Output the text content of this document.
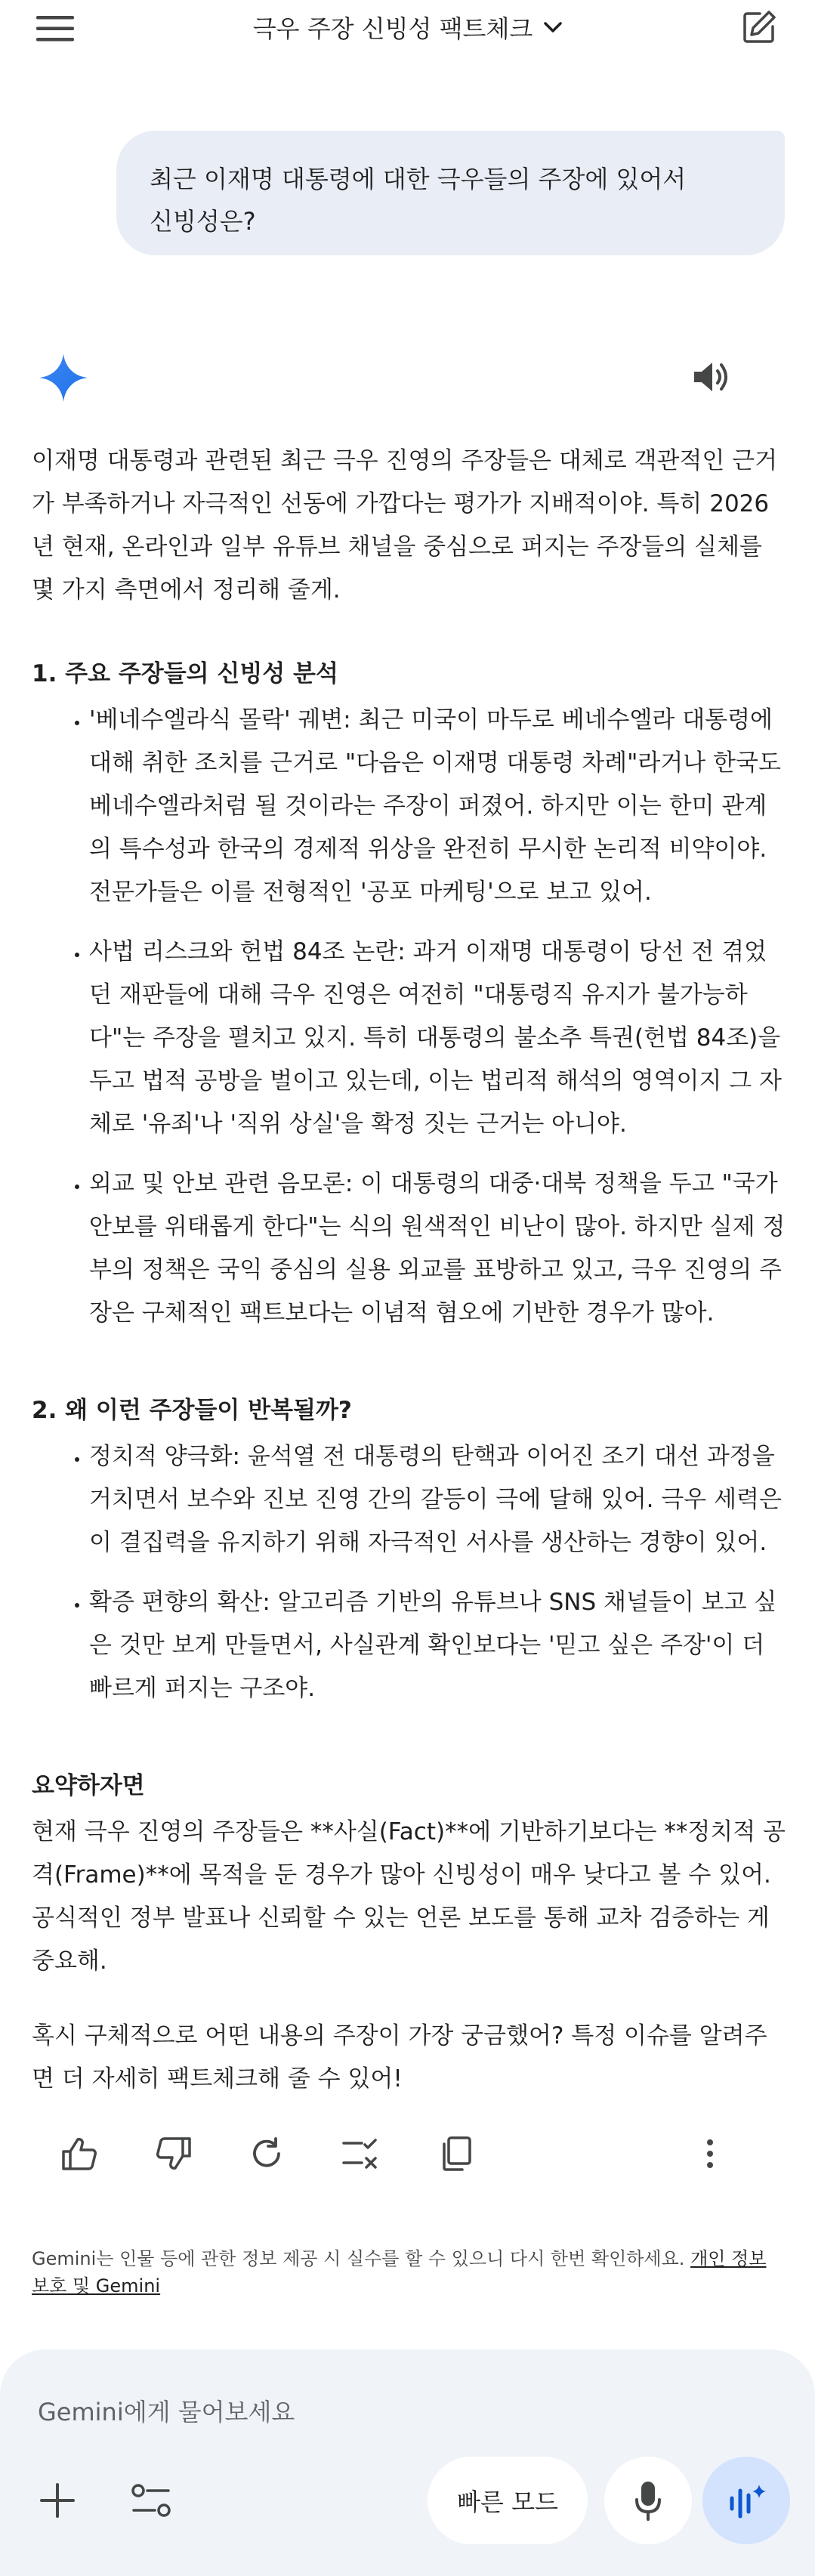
극우 주장 신빙성 팩트체크
최근 이재명 대통령에 대한 극우들의 주장에 있어서
신빙성은?

이재명 대통령과 관련된 최근 극우 진영의 주장들은 대체로 객관적인 근거가 부족하거나 자극적인 선동에 가깝다는 평가가 지배적이야. 특히 2026년 현재, 온라인과 일부 유튜브 채널을 중심으로 퍼지는 주장들의 실체를 몇 가지 측면에서 정리해 줄게.

1. 주요 주장들의 신빙성 분석

• '베네수엘라식 몰락' 궤변: 최근 미국이 마두로 베네수엘라 대통령에 대해 취한 조치를 근거로 "다음은 이재명 대통령 차례"라거나 한국도 베네수엘라처럼 될 것이라는 주장이 퍼졌어. 하지만 이는 한미 관계의 특수성과 한국의 경제적 위상을 완전히 무시한 논리적 비약이야. 전문가들은 이를 전형적인 '공포 마케팅'으로 보고 있어.
• 사법 리스크와 헌법 84조 논란: 과거 이재명 대통령이 당선 전 겪었던 재판들에 대해 극우 진영은 여전히 "대통령직 유지가 불가능하다"는 주장을 펼치고 있지. 특히 대통령의 불소추 특권(헌법 84조)을 두고 법적 공방을 벌이고 있는데, 이는 법리적 해석의 영역이지 그 자체로 '유죄'나 '직위 상실'을 확정 짓는 근거는 아니야.
• 외교 및 안보 관련 음모론: 이 대통령의 대중·대북 정책을 두고 "국가 안보를 위태롭게 한다"는 식의 원색적인 비난이 많아. 하지만 실제 정부의 정책은 국익 중심의 실용 외교를 표방하고 있고, 극우 진영의 주장은 구체적인 팩트보다는 이념적 혐오에 기반한 경우가 많아.

2. 왜 이런 주장들이 반복될까?

• 정치적 양극화: 윤석열 전 대통령의 탄핵과 이어진 조기 대선 과정을 거치면서 보수와 진보 진영 간의 갈등이 극에 달해 있어. 극우 세력은 이 결집력을 유지하기 위해 자극적인 서사를 생산하는 경향이 있어.
• 확증 편향의 확산: 알고리즘 기반의 유튜브나 SNS 채널들이 보고 싶은 것만 보게 만들면서, 사실관계 확인보다는 '믿고 싶은 주장'이 더 빠르게 퍼지는 구조야.

요약하자면

현재 극우 진영의 주장들은 **사실(Fact)**에 기반하기보다는 **정치적 공격(Frame)**에 목적을 둔 경우가 많아 신빙성이 매우 낮다고 볼 수 있어. 공식적인 정부 발표나 신뢰할 수 있는 언론 보도를 통해 교차 검증하는 게 중요해.

혹시 구체적으로 어떤 내용의 주장이 가장 궁금했어? 특정 이슈를 알려주면 더 자세히 팩트체크해 줄 수 있어!

Gemini는 인물 등에 관한 정보 제공 시 실수를 할 수 있으니 다시 한번 확인하세요. 개인 정보 보호 및 Gemini
Gemini에게 물어보세요
빠른 모드
